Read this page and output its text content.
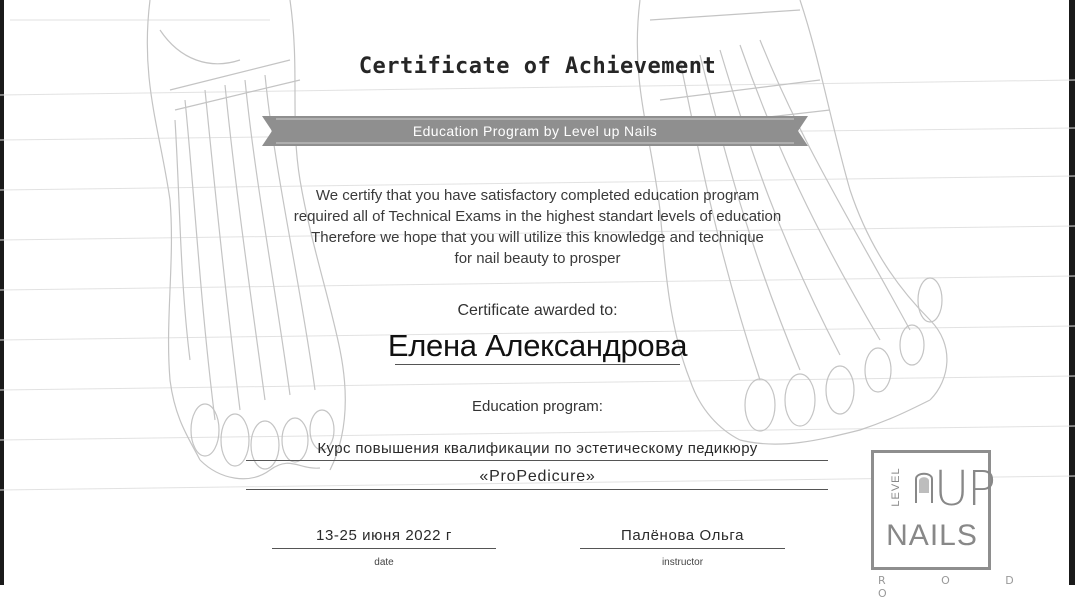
Certificate of Achievement
Education Program by Level up Nails
We certify that you have satisfactory completed education program
required all of Technical Exams in the highest standart levels of education
Therefore we hope that you will utilize this knowledge and technique
for nail beauty to prosper
Certificate awarded to:
Елена Александрова
Education program:
Курс повышения квалификации по эстетическому педикюру
«ProPedicure»
13-25 июня 2022 г
date
Палёнова Ольга
instructor
LEVEL UP
NAILS
R O D O
